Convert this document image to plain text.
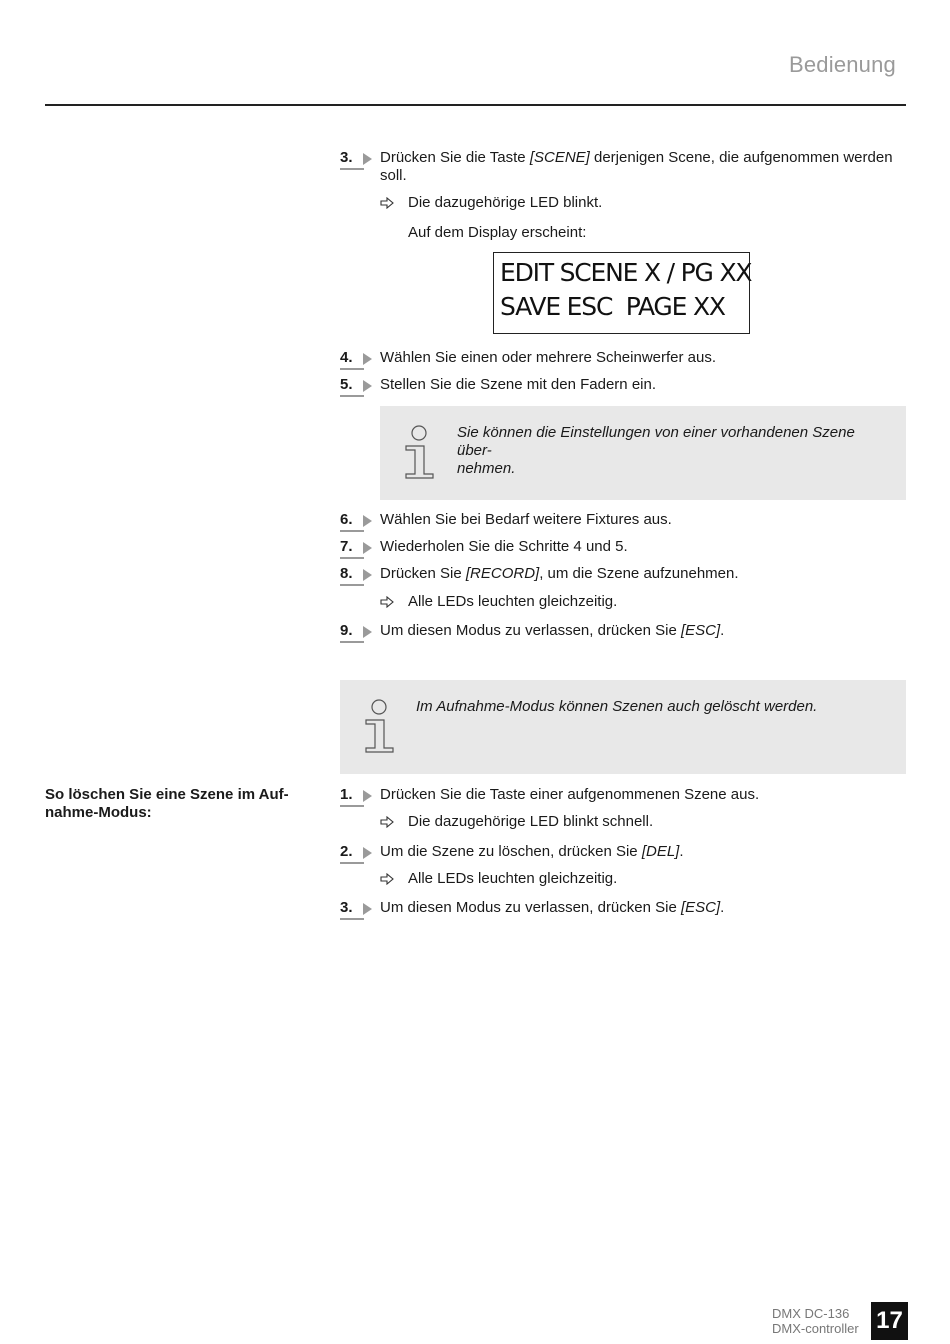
Bedienung
3.	Drücken Sie die Taste [SCENE] derjenigen Scene, die aufgenommen werden
soll.
Die dazugehörige LED blinkt.
Auf dem Display erscheint:
EDIT SCENE X / PG XX
SAVE ESC  PAGE XX
4.	Wählen Sie einen oder mehrere Scheinwerfer aus.
5.	Stellen Sie die Szene mit den Fadern ein.
Sie können die Einstellungen von einer vorhandenen Szene über-
nehmen.
6.	Wählen Sie bei Bedarf weitere Fixtures aus.
7.	Wiederholen Sie die Schritte 4 und 5.
8.	Drücken Sie [RECORD], um die Szene aufzunehmen.
Alle LEDs leuchten gleichzeitig.
9.	Um diesen Modus zu verlassen, drücken Sie [ESC].
Im Aufnahme-Modus können Szenen auch gelöscht werden.
So löschen Sie eine Szene im Auf-
nahme-Modus:
1.	Drücken Sie die Taste einer aufgenommenen Szene aus.
Die dazugehörige LED blinkt schnell.
2.	Um die Szene zu löschen, drücken Sie [DEL].
Alle LEDs leuchten gleichzeitig.
3.	Um diesen Modus zu verlassen, drücken Sie [ESC].
DMX DC-136
DMX-controller 17
